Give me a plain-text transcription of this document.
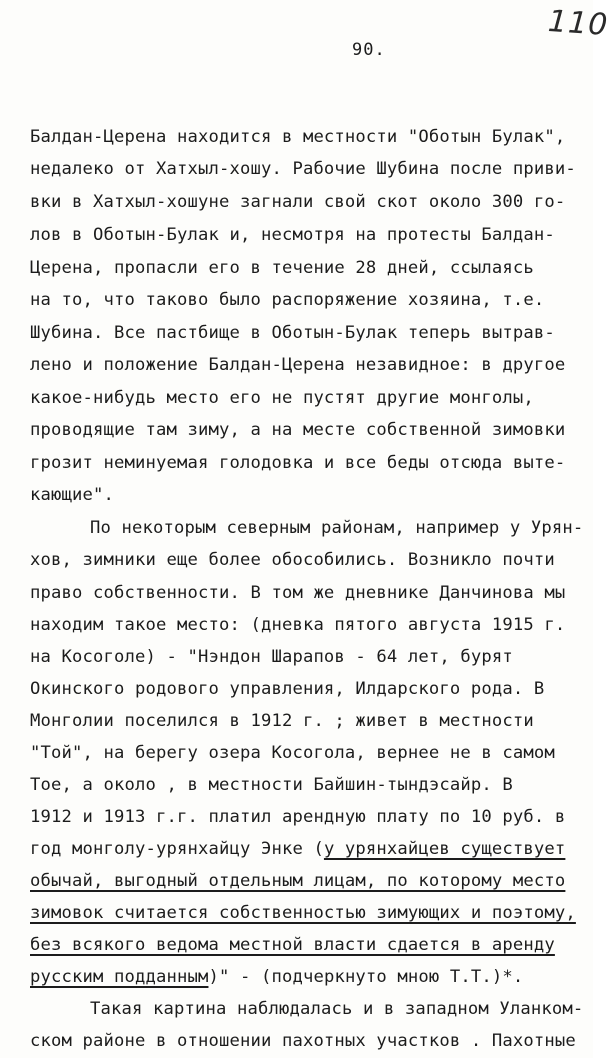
110
90.
Балдан-Церена находится в местности "Оботын Булак",
недалеко от Хатхыл-хошу. Рабочие Шубина после приви-
вки в Хатхыл-хошуне загнали свой скот около 300 го-
лов в Оботын-Булак и, несмотря на протесты Балдан-
Церена, пропасли его в течение 28 дней, ссылаясь
на то, что таково было распоряжение хозяина, т.е.
Шубина. Все пастбище в Оботын-Булак теперь вытрав-
лено и положение Балдан-Церена незавидное: в другое
какое-нибудь место его не пустят другие монголы,
проводящие там зиму, а на месте собственной зимовки
грозит неминуемая голодовка и все беды отсюда выте-
кающие".
По некоторым северным районам, например у Урян-
хов, зимники еще более обособились. Возникло почти
право собственности. В том же дневнике Данчинова мы
находим такое место: (дневка пятого августа 1915 г.
на Косоголе) - "Нэндон Шарапов - 64 лет, бурят
Окинского родового управления, Илдарского рода. В
Монголии поселился в 1912 г. ; живет в местности
"Той", на берегу озера Косогола, вернее не в самом
Тое, а около , в местности Байшин-тындэсайр. В
1912 и 1913 г.г. платил арендную плату по 10 руб. в
год монголу-урянхайцу Энке (у урянхайцев существует
обычай, выгодный отдельным лицам, по которому место
зимовок считается собственностью зимующих и поэтому,
без всякого ведома местной власти сдается в аренду
русским подданным)" - (подчеркнуто мною Т.Т.)*.
Такая картина наблюдалась и в западном Уланком-
ском районе в отношении пахотных участков . Пахотные
